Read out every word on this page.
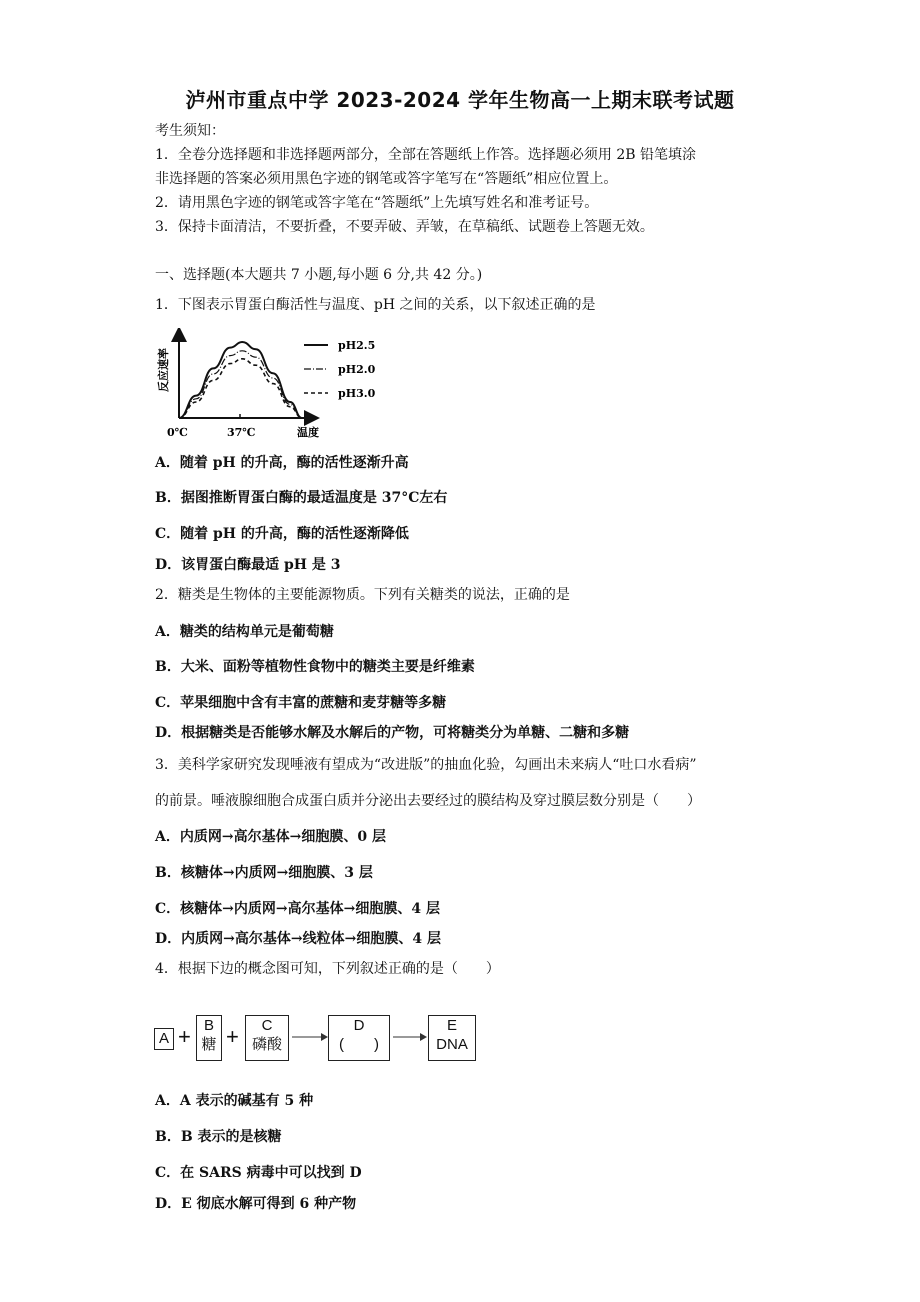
泸州市重点中学 2023-2024 学年生物高一上期末联考试题
考生须知：
1．全卷分选择题和非选择题两部分，全部在答题纸上作答。选择题必须用 2B 铅笔填涂
非选择题的答案必须用黑色字迹的钢笔或答字笔写在“答题纸”相应位置上。
2．请用黑色字迹的钢笔或答字笔在“答题纸”上先填写姓名和准考证号。
3．保持卡面清洁，不要折叠，不要弄破、弄皱，在草稿纸、试题卷上答题无效。
一、选择题(本大题共 7 小题,每小题 6 分,共 42 分。)
1．下图表示胃蛋白酶活性与温度、pH 之间的关系，以下叙述正确的是
反应速率
0℃	37℃	温度
pH2.5
pH2.0
pH3.0
A．随着 pH 的升高，酶的活性逐渐升高
B．据图推断胃蛋白酶的最适温度是 37°C左右
C．随着 pH 的升高，酶的活性逐渐降低
D．该胃蛋白酶最适 pH 是 3
2．糖类是生物体的主要能源物质。下列有关糖类的说法，正确的是
A．糖类的结构单元是葡萄糖
B．大米、面粉等植物性食物中的糖类主要是纤维素
C．苹果细胞中含有丰富的蔗糖和麦芽糖等多糖
D．根据糖类是否能够水解及水解后的产物，可将糖类分为单糖、二糖和多糖
3．美科学家研究发现唾液有望成为“改进版”的抽血化验，勾画出未来病人“吐口水看病”
的前景。唾液腺细胞合成蛋白质并分泌出去要经过的膜结构及穿过膜层数分别是（　　）
A．内质网→高尔基体→细胞膜、0 层
B．核糖体→内质网→细胞膜、3 层
C．核糖体→内质网→高尔基体→细胞膜、4 层
D．内质网→高尔基体→线粒体→细胞膜、4 层
4．根据下边的概念图可知，下列叙述正确的是（　　）
A + B
糖 +	C
磷酸
D
(　　)
E
DNA
A．A 表示的碱基有 5 种
B．B 表示的是核糖
C．在 SARS 病毒中可以找到 D
D．E 彻底水解可得到 6 种产物
